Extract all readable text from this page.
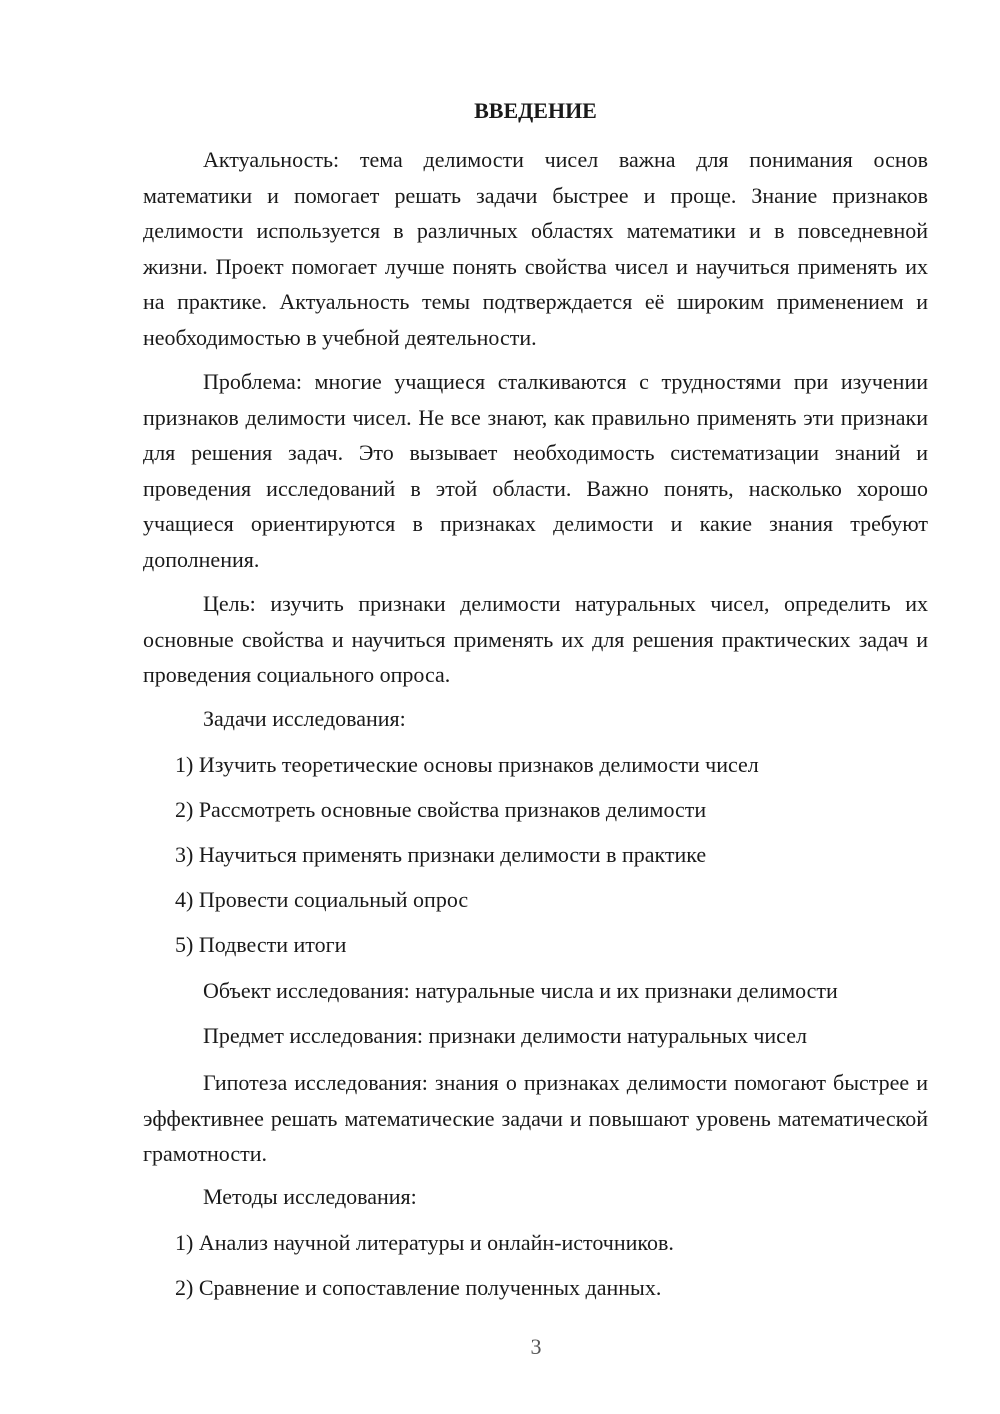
ВВЕДЕНИЕ

Актуальность: тема делимости чисел важна для понимания основ математики и помогает решать задачи быстрее и проще. Знание признаков делимости используется в различных областях математики и в повседневной жизни. Проект помогает лучше понять свойства чисел и научиться применять их на практике. Актуальность темы подтверждается её широким применением и необходимостью в учебной деятельности.

Проблема: многие учащиеся сталкиваются с трудностями при изучении признаков делимости чисел. Не все знают, как правильно применять эти признаки для решения задач. Это вызывает необходимость систематизации знаний и проведения исследований в этой области. Важно понять, насколько хорошо учащиеся ориентируются в признаках делимости и какие знания требуют дополнения.

Цель: изучить признаки делимости натуральных чисел, определить их основные свойства и научиться применять их для решения практических задач и проведения социального опроса.

Задачи исследования:
1) Изучить теоретические основы признаков делимости чисел
2) Рассмотреть основные свойства признаков делимости
3) Научиться применять признаки делимости в практике
4) Провести социальный опрос
5) Подвести итоги
Объект исследования: натуральные числа и их признаки делимости
Предмет исследования: признаки делимости натуральных чисел

Гипотеза исследования: знания о признаках делимости помогают быстрее и эффективнее решать математические задачи и повышают уровень математической грамотности.

Методы исследования:
1) Анализ научной литературы и онлайн-источников.
2) Сравнение и сопоставление полученных данных.
3
